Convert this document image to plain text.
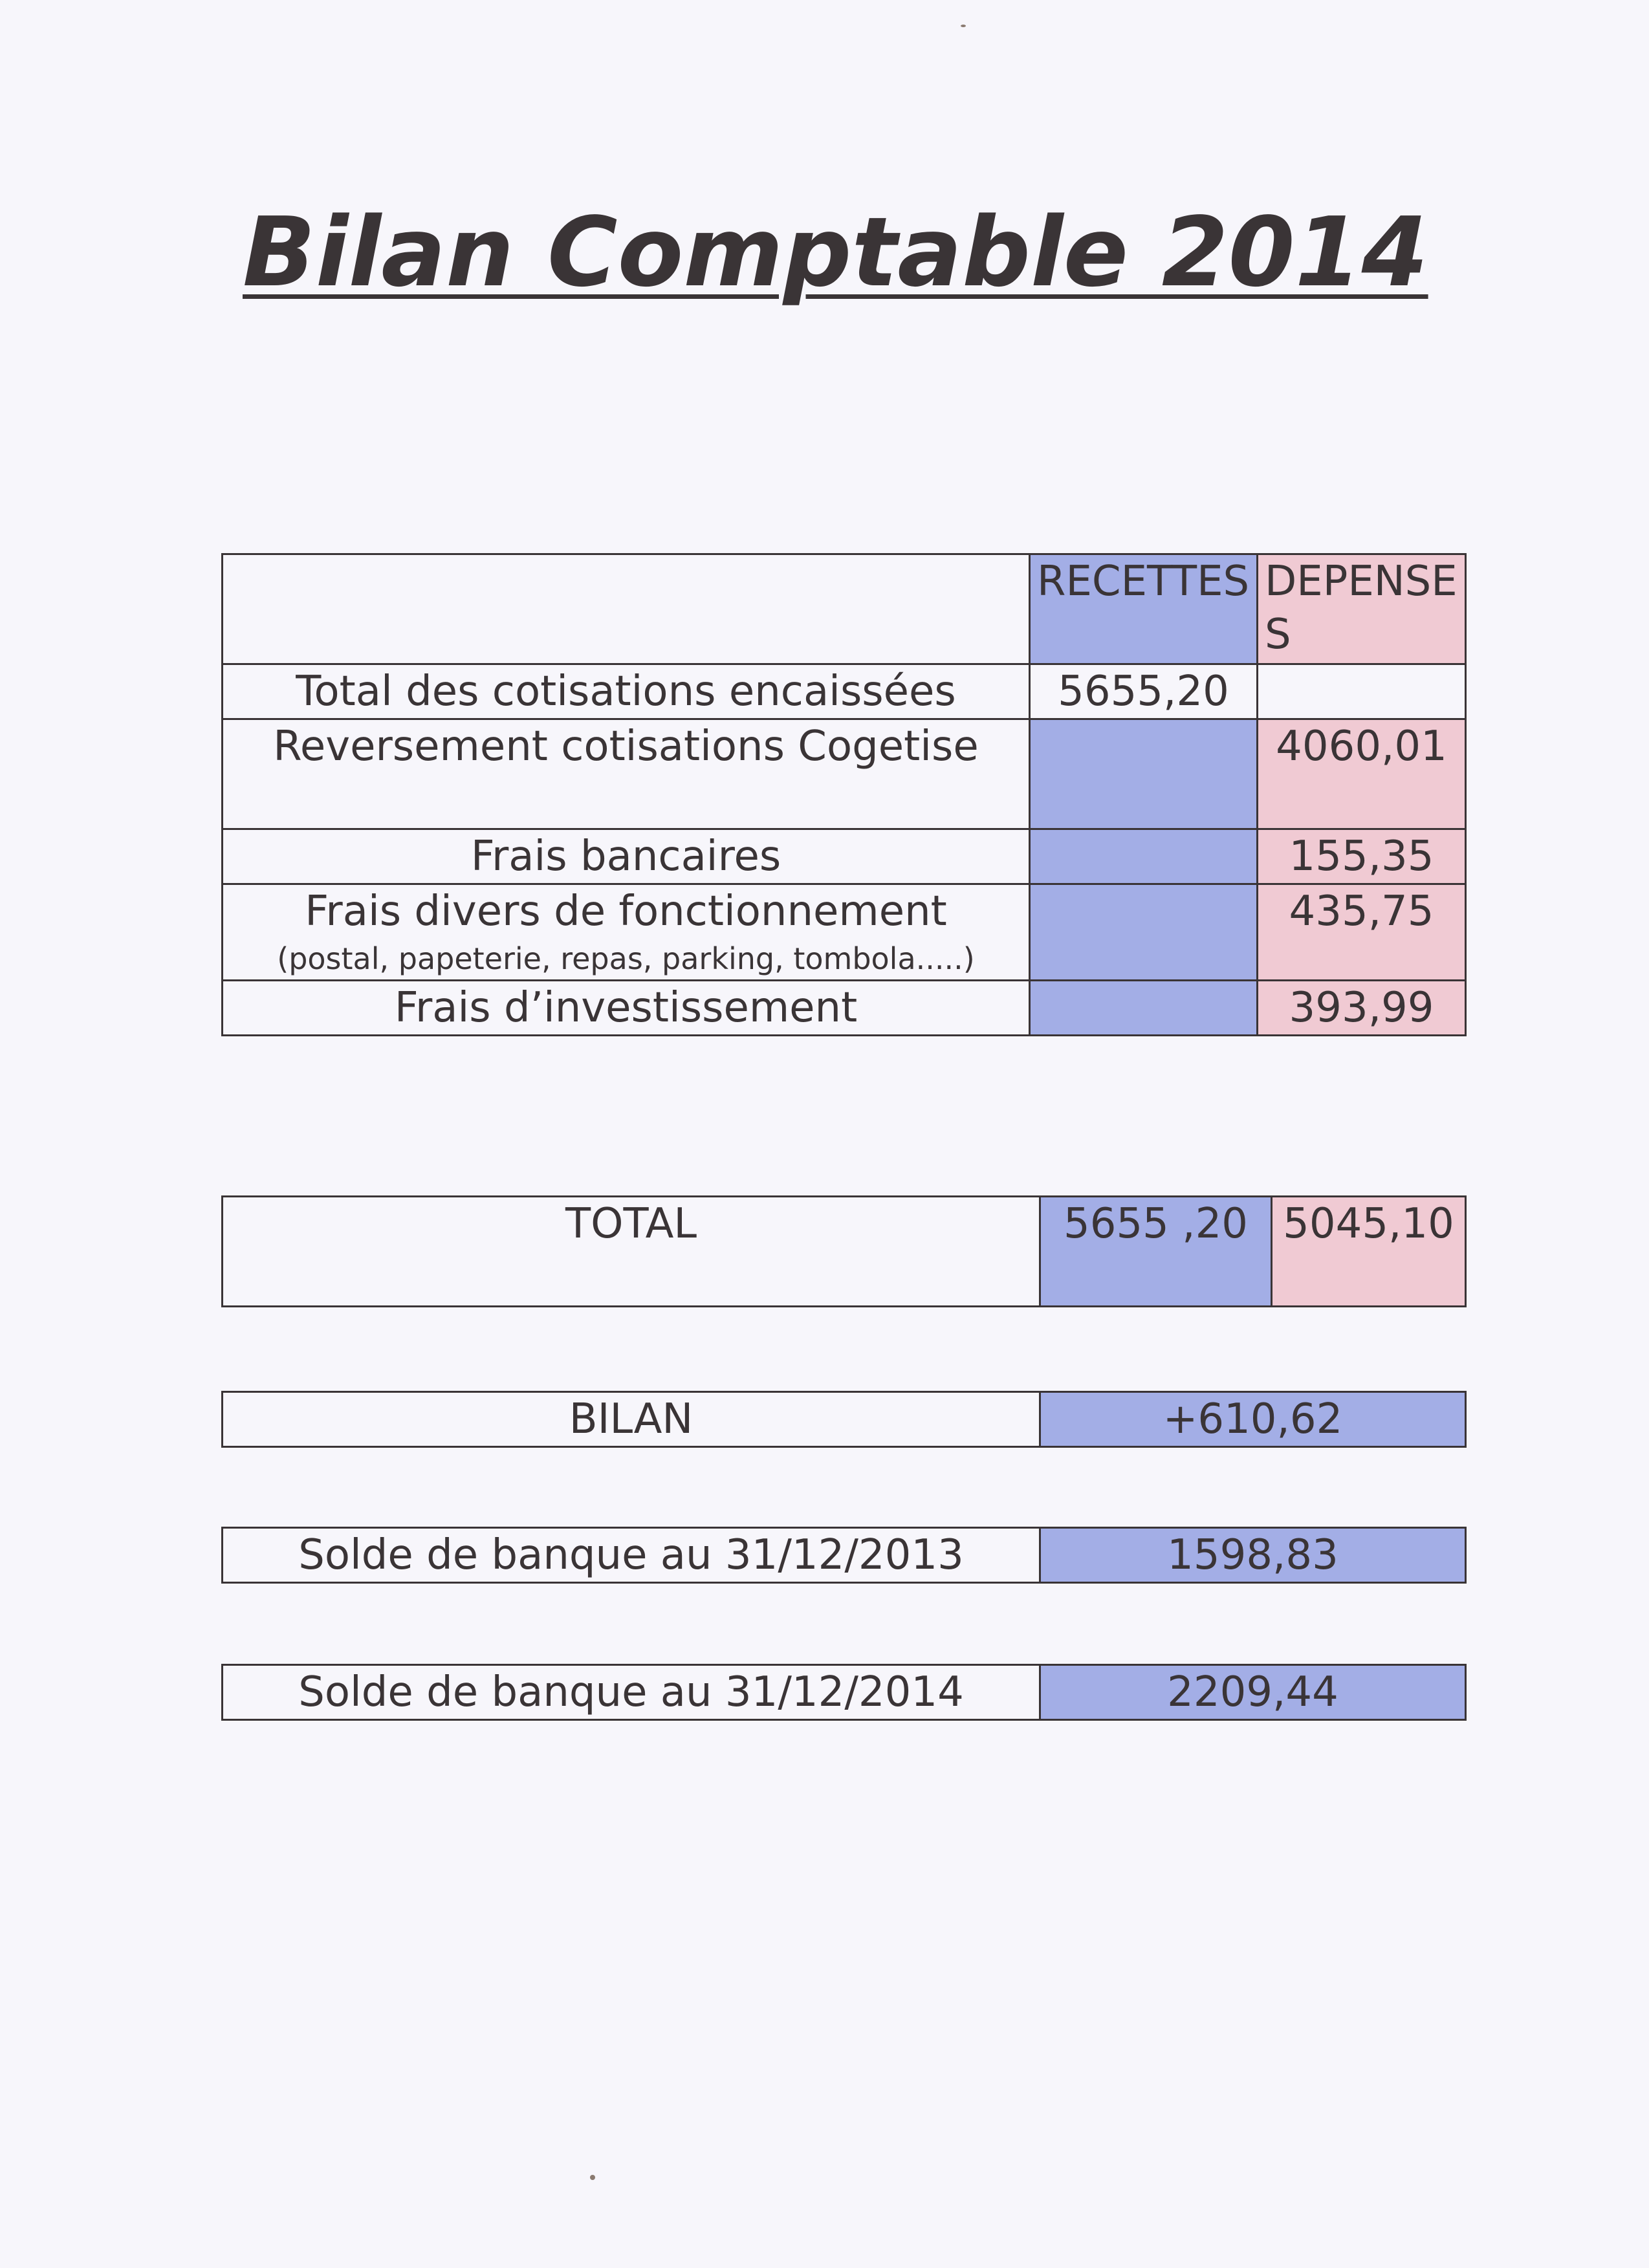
Bilan Comptable 2014
	RECETTES	DEPENSES
Total des cotisations encaissées	5655,20	
Reversement cotisations Cogetise		4060,01
Frais bancaires		155,35
Frais divers de fonctionnement
(postal, papeterie, repas, parking, tombola.....)		435,75
Frais d’investissement		393,99
TOTAL	5655 ,20	5045,10
BILAN	+610,62
Solde de banque au 31/12/2013	1598,83
Solde de banque au 31/12/2014	2209,44
